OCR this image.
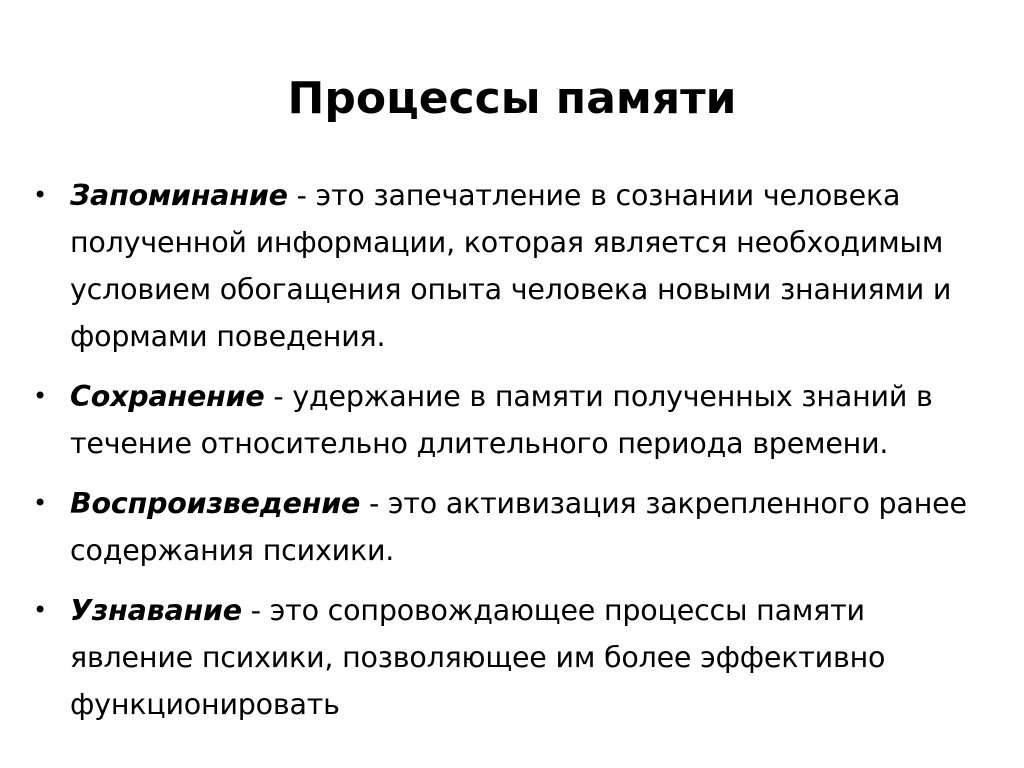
Процессы памяти
• Запоминание - это запечатление в сознании человека полученной информации, которая является необходимым условием обогащения опыта человека новыми знаниями и формами поведения.
• Сохранение - удержание в памяти полученных знаний в течение относительно длительного периода времени.
• Воспроизведение - это активизация закрепленного ранее содержания психики.
• Узнавание - это сопровождающее процессы памяти явление психики, позволяющее им более эффективно функционировать
